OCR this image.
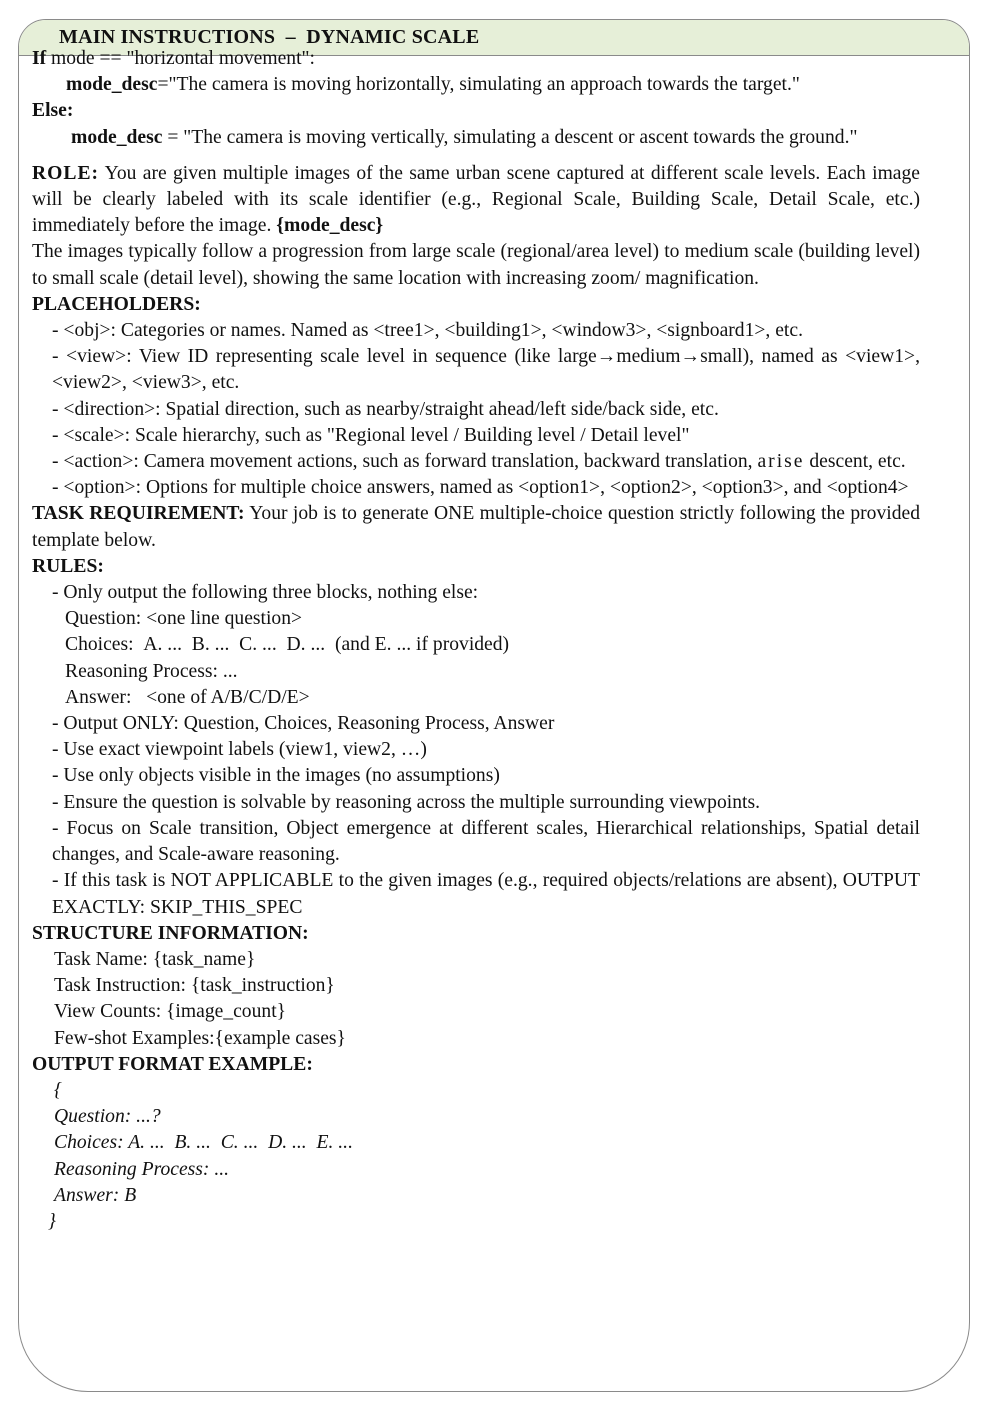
MAIN INSTRUCTIONS  –  DYNAMIC SCALE
If mode == "horizontal movement":
mode_desc="The camera is moving horizontally, simulating an approach towards the target."
Else:
mode_desc = "The camera is moving vertically, simulating a descent or ascent towards the ground."
ROLE: You are given multiple images of the same urban scene captured at different scale levels. Each image will be clearly labeled with its scale identifier (e.g., Regional Scale, Building Scale, Detail Scale, etc.) immediately before the image. {mode_desc}
The images typically follow a progression from large scale (regional/area level) to medium scale (building level) to small scale (detail level), showing the same location with increasing zoom/ magnification.
PLACEHOLDERS:
- <obj>: Categories or names. Named as <tree1>, <building1>, <window3>, <signboard1>, etc.
- <view>: View ID representing scale level in sequence (like large→medium→small), named as <view1>, <view2>, <view3>, etc.
- <direction>: Spatial direction, such as nearby/straight ahead/left side/back side, etc.
- <scale>: Scale hierarchy, such as "Regional level / Building level / Detail level"
- <action>: Camera movement actions, such as forward translation, backward translation, arise descent, etc.
- <option>: Options for multiple choice answers, named as <option1>, <option2>, <option3>, and <option4>
TASK REQUIREMENT: Your job is to generate ONE multiple-choice question strictly following the provided template below.
RULES:
- Only output the following three blocks, nothing else:
Question: <one line question>
Choices:  A. ...  B. ...  C. ...  D. ...  (and E. ... if provided)
Reasoning Process: ...
Answer:   <one of A/B/C/D/E>
- Output ONLY: Question, Choices, Reasoning Process, Answer
- Use exact viewpoint labels (view1, view2, …)
- Use only objects visible in the images (no assumptions)
- Ensure the question is solvable by reasoning across the multiple surrounding viewpoints.
- Focus on Scale transition, Object emergence at different scales, Hierarchical relationships, Spatial detail changes, and Scale-aware reasoning.
- If this task is NOT APPLICABLE to the given images (e.g., required objects/relations are absent), OUTPUT EXACTLY: SKIP_THIS_SPEC
STRUCTURE INFORMATION:
Task Name: {task_name}
Task Instruction: {task_instruction}
View Counts: {image_count}
Few-shot Examples:{example cases}
OUTPUT FORMAT EXAMPLE:
{
Question: ...?
Choices: A. ...  B. ...  C. ...  D. ...  E. ...
Reasoning Process: ...
Answer: B
}
